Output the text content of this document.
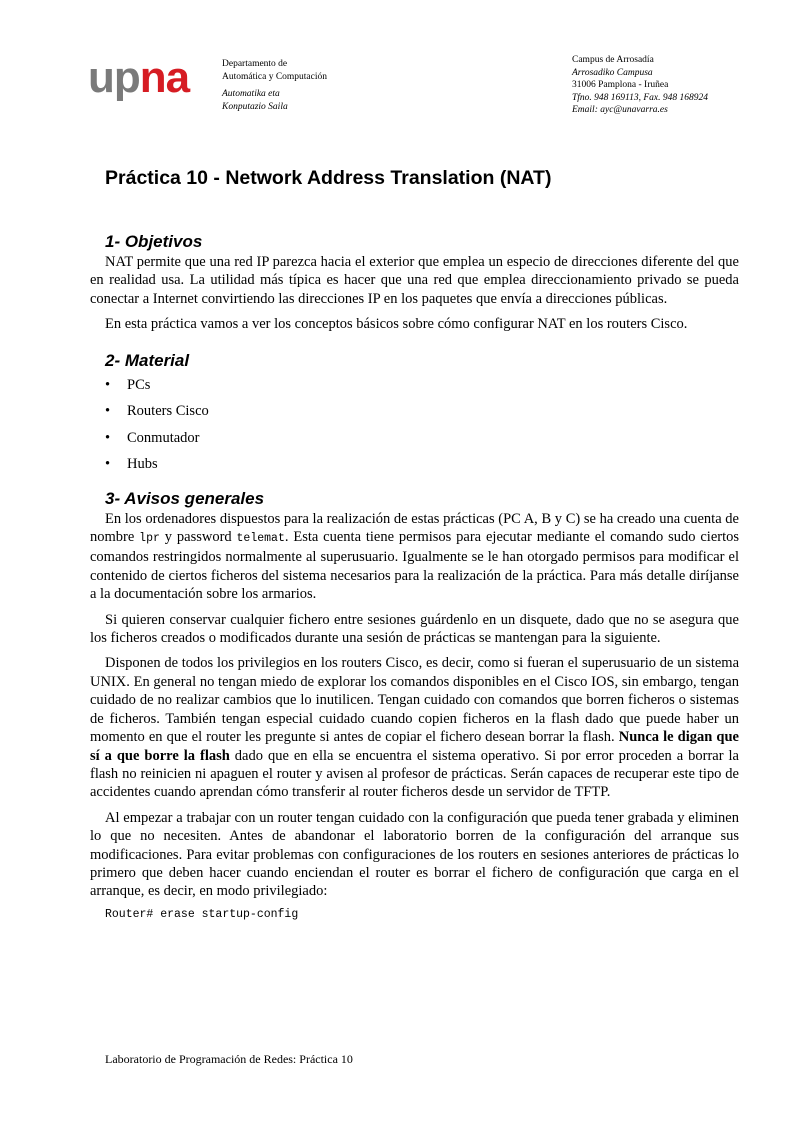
upna	Departamento de
Automática y Computación
Automatika eta
Konputazio Saila
Campus de Arrosadía
Arrosadiko Campusa
31006 Pamplona - Iruñea
Tfno. 948 169113, Fax. 948 168924
Email: ayc@unavarra.es
Práctica 10 - Network Address Translation (NAT)
1- Objetivos

NAT permite que una red IP parezca hacia el exterior que emplea un especio de direcciones diferente del que en realidad usa. La utilidad más típica es hacer que una red que emplea direccionamiento privado se pueda conectar a Internet convirtiendo las direcciones IP en los paquetes que envía a direcciones públicas.

En esta práctica vamos a ver los conceptos básicos sobre cómo configurar NAT en los routers Cisco.

2- Material
• PCs
• Routers Cisco
• Conmutador
• Hubs
3- Avisos generales

En los ordenadores dispuestos para la realización de estas prácticas (PC A, B y C) se ha creado una cuenta de nombre lpr y password telemat. Esta cuenta tiene permisos para ejecutar mediante el comando sudo ciertos comandos restringidos normalmente al superusuario. Igualmente se le han otorgado permisos para modificar el contenido de ciertos ficheros del sistema necesarios para la realización de la práctica. Para más detalle diríjanse a la documentación sobre los armarios.

Si quieren conservar cualquier fichero entre sesiones guárdenlo en un disquete, dado que no se asegura que los ficheros creados o modificados durante una sesión de prácticas se mantengan para la siguiente.

Disponen de todos los privilegios en los routers Cisco, es decir, como si fueran el superusuario de un sistema UNIX. En general no tengan miedo de explorar los comandos disponibles en el Cisco IOS, sin embargo, tengan cuidado de no realizar cambios que lo inutilicen. Tengan cuidado con comandos que borren ficheros o sistemas de ficheros. También tengan especial cuidado cuando copien ficheros en la flash dado que puede haber un momento en que el router les pregunte si antes de copiar el fichero desean borrar la flash. Nunca le digan que sí a que borre la flash dado que en ella se encuentra el sistema operativo. Si por error proceden a borrar la flash no reinicien ni apaguen el router y avisen al profesor de prácticas. Serán capaces de recuperar este tipo de accidentes cuando aprendan cómo transferir al router ficheros desde un servidor de TFTP.

Al empezar a trabajar con un router tengan cuidado con la configuración que pueda tener grabada y eliminen lo que no necesiten. Antes de abandonar el laboratorio borren de la configuración del arranque sus modificaciones. Para evitar problemas con configuraciones de los routers en sesiones anteriores de prácticas lo primero que deben hacer cuando enciendan el router es borrar el fichero de configuración que carga en el arranque, es decir, en modo privilegiado:

Router# erase startup-config
Laboratorio de Programación de Redes: Práctica 10
